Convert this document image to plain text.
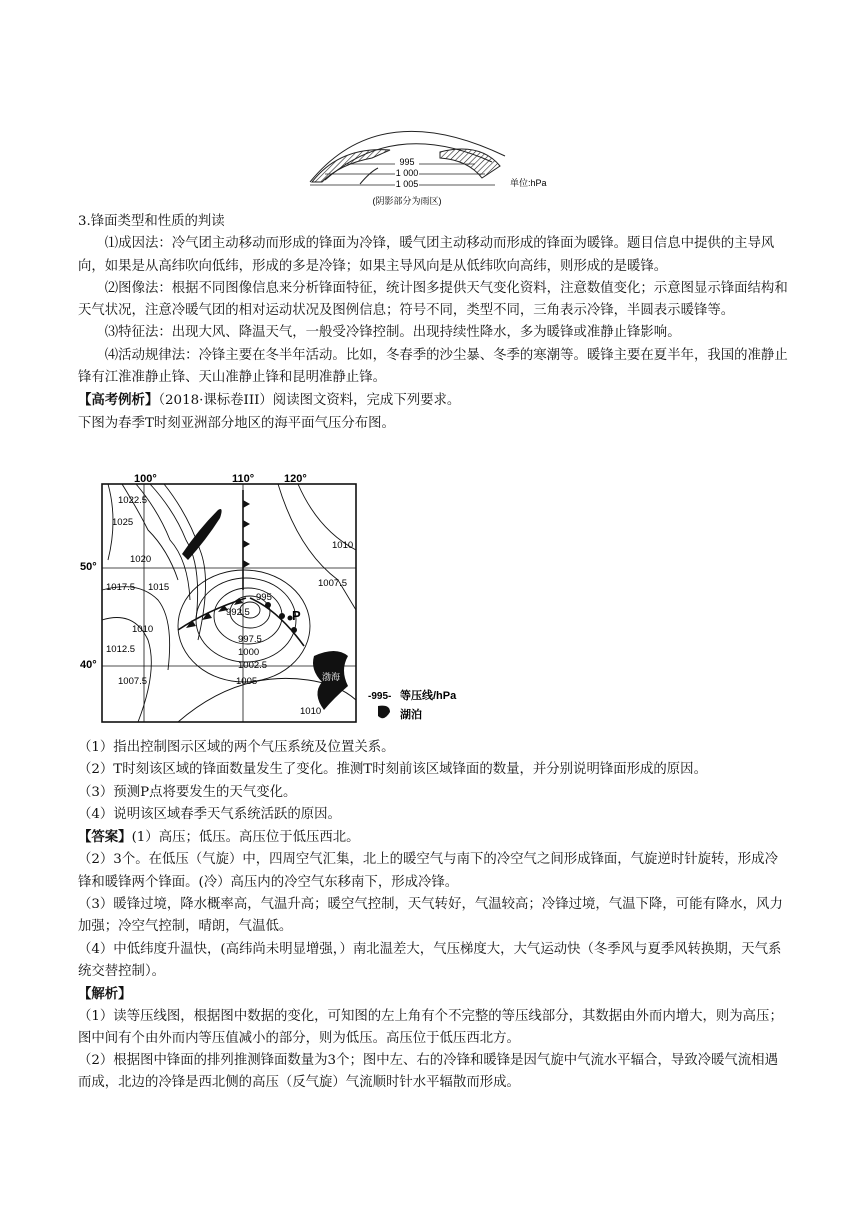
995
1 000
1 005	单位:hPa
(阴影部分为雨区)

3.锋面类型和性质的判读

⑴成因法：冷气团主动移动而形成的锋面为冷锋，暖气团主动移动而形成的锋面为暖锋。题目信息中提供的主导风向，如果是从高纬吹向低纬，形成的多是冷锋；如果主导风向是从低纬吹向高纬，则形成的是暖锋。

⑵图像法：根据不同图像信息来分析锋面特征，统计图多提供天气变化资料，注意数值变化；示意图显示锋面结构和天气状况，注意冷暖气团的相对运动状况及图例信息；符号不同，类型不同，三角表示冷锋，半圆表示暖锋等。

⑶特征法：出现大风、降温天气，一般受冷锋控制。出现持续性降水，多为暖锋或准静止锋影响。

⑷活动规律法：冷锋主要在冬半年活动。比如，冬春季的沙尘暴、冬季的寒潮等。暖锋主要在夏半年，我国的准静止锋有江淮准静止锋、天山准静止锋和昆明准静止锋。

【高考例析】（2018·课标卷III）阅读图文资料，完成下列要求。

下图为春季T时刻亚洲部分地区的海平面气压分布图。

100°	110°	120°
50°
40°
P
渤海
1022.5
1025
1020
1017.5 1015
1010
1012.5
1007.5
995
992.5
997.5
1000
1002.5
1005
1010
1007.5
1010
-995- 等压线/hPa
湖泊

（1）指出控制图示区域的两个气压系统及位置关系。

（2）T时刻该区域的锋面数量发生了变化。推测T时刻前该区域锋面的数量，并分别说明锋面形成的原因。

（3）预测P点将要发生的天气变化。

（4）说明该区域春季天气系统活跃的原因。

【答案】(1）高压；低压。高压位于低压西北。

（2）3个。在低压（气旋）中，四周空气汇集，北上的暖空气与南下的冷空气之间形成锋面，气旋逆时针旋转，形成冷锋和暖锋两个锋面。(冷）高压内的冷空气东移南下，形成冷锋。

（3）暖锋过境，降水概率高，气温升高；暖空气控制，天气转好，气温较高；冷锋过境，气温下降，可能有降水，风力加强；冷空气控制，晴朗，气温低。

（4）中低纬度升温快，(高纬尚未明显增强，）南北温差大，气压梯度大，大气运动快（冬季风与夏季风转换期，天气系统交替控制）。

【解析】

（1）读等压线图，根据图中数据的变化，可知图的左上角有个不完整的等压线部分，其数据由外而内增大，则为高压；图中间有个由外而内等压值减小的部分，则为低压。高压位于低压西北方。

（2）根据图中锋面的排列推测锋面数量为3个；图中左、右的冷锋和暖锋是因气旋中气流水平辐合，导致冷暖气流相遇而成，北边的冷锋是西北侧的高压（反气旋）气流顺时针水平辐散而形成。
